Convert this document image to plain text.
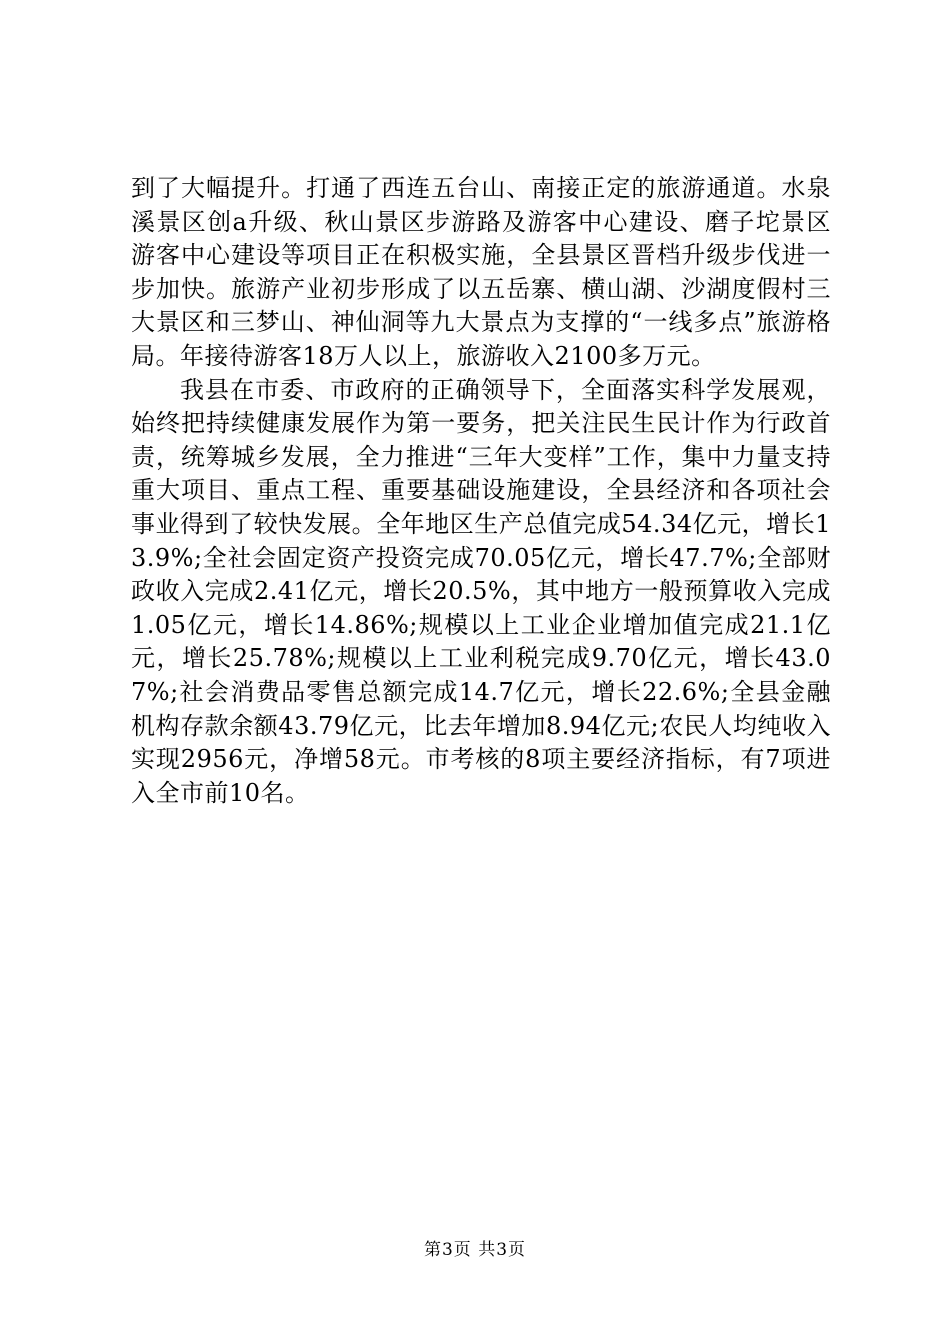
到了大幅提升。打通了西连五台山、南接正定的旅游通道。水泉溪景区创a升级、秋山景区步游路及游客中心建设、磨子坨景区游客中心建设等项目正在积极实施，全县景区晋档升级步伐进一步加快。旅游产业初步形成了以五岳寨、横山湖、沙湖度假村三大景区和三梦山、神仙洞等九大景点为支撑的“一线多点”旅游格局。年接待游客18万人以上，旅游收入2100多万元。

我县在市委、市政府的正确领导下，全面落实科学发展观，始终把持续健康发展作为第一要务，把关注民生民计作为行政首责，统筹城乡发展，全力推进“三年大变样”工作，集中力量支持重大项目、重点工程、重要基础设施建设，全县经济和各项社会事业得到了较快发展。全年地区生产总值完成54.34亿元，增长13.9%;全社会固定资产投资完成70.05亿元，增长47.7%;全部财政收入完成2.41亿元，增长20.5%，其中地方一般预算收入完成1.05亿元，增长14.86%;规模以上工业企业增加值完成21.1亿元，增长25.78%;规模以上工业利税完成9.70亿元，增长43.07%;社会消费品零售总额完成14.7亿元，增长22.6%;全县金融机构存款余额43.79亿元，比去年增加8.94亿元;农民人均纯收入实现2956元，净增58元。市考核的8项主要经济指标，有7项进入全市前10名。

第3页 共3页
